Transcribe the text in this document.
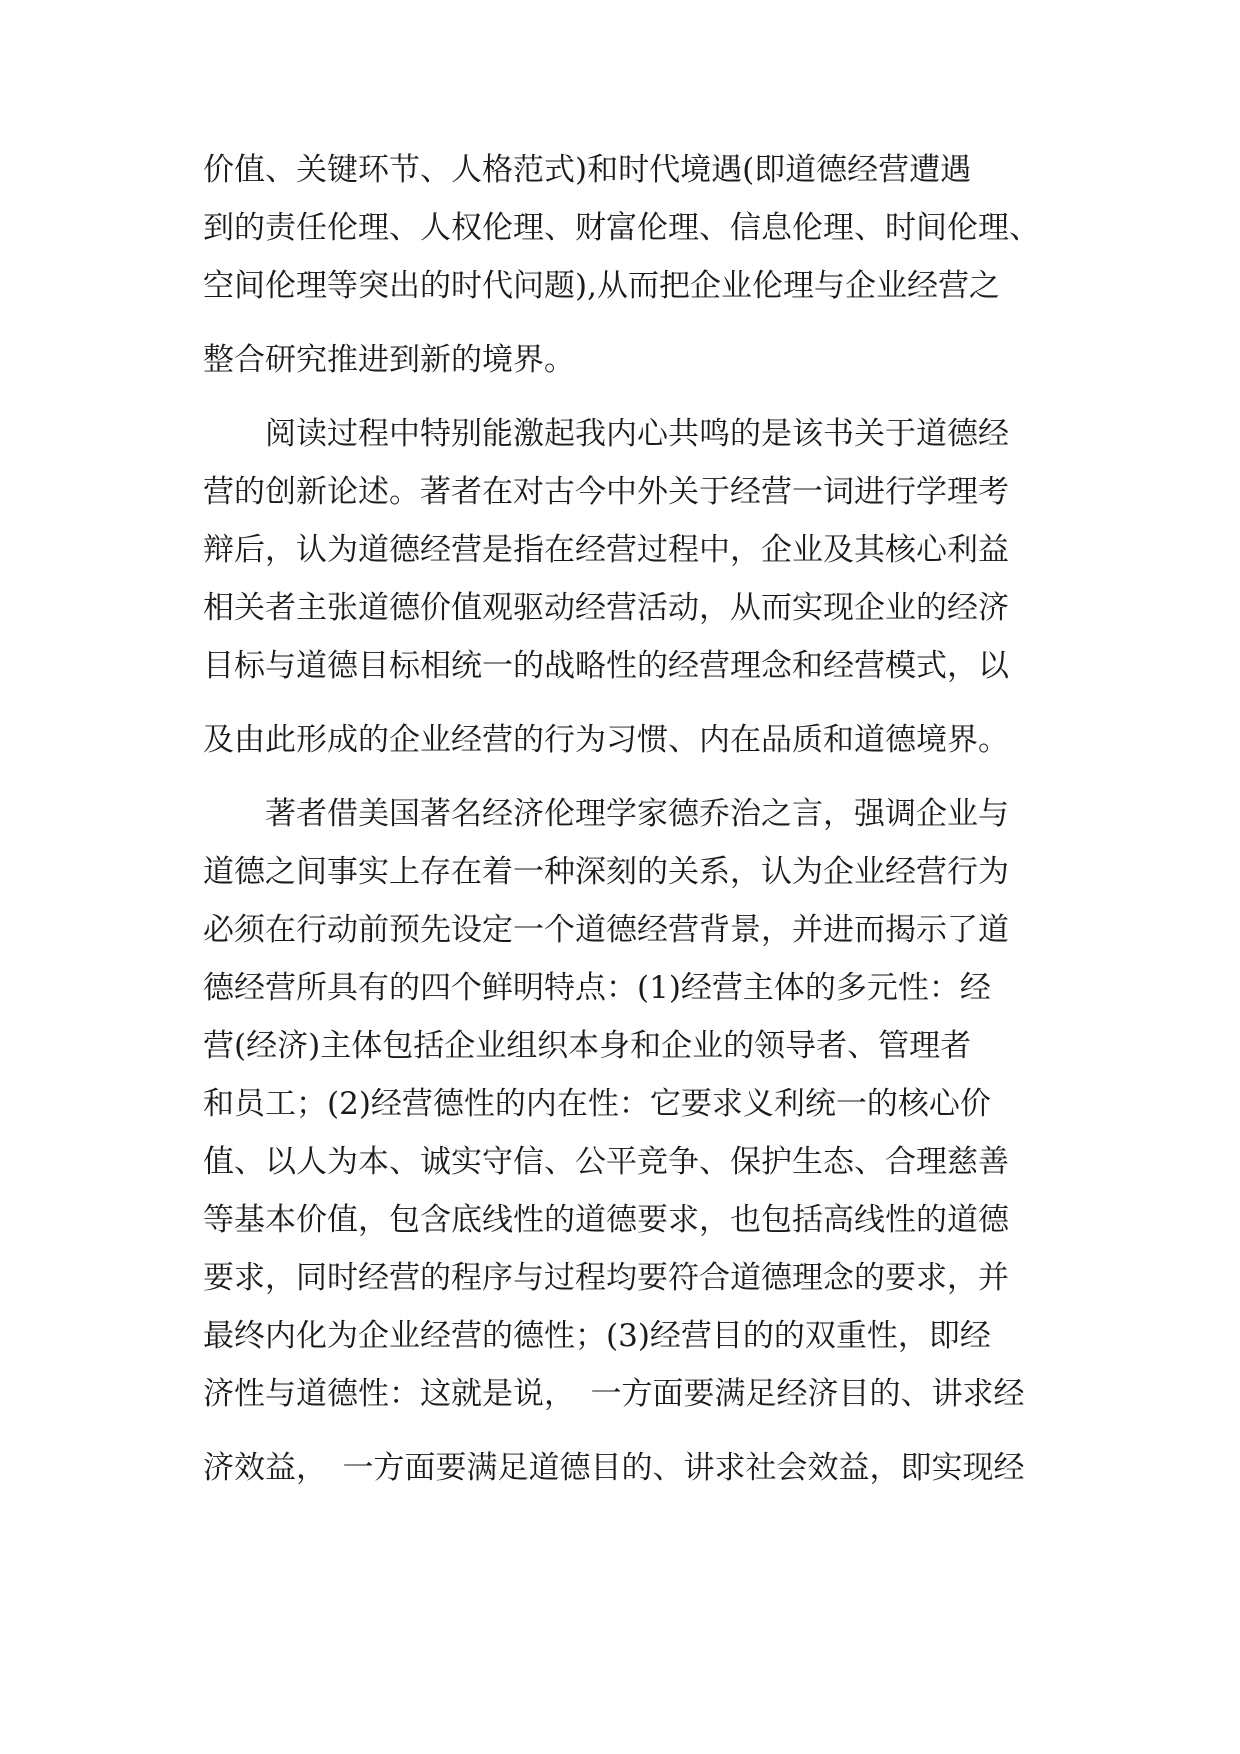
价值、关键环节、人格范式)和时代境遇(即道德经营遭遇
到的责任伦理、人权伦理、财富伦理、信息伦理、时间伦理、
空间伦理等突出的时代问题),从而把企业伦理与企业经营之
整合研究推进到新的境界。
　　阅读过程中特别能激起我内心共鸣的是该书关于道德经
营的创新论述。著者在对古今中外关于经营一词进行学理考
辩后，认为道德经营是指在经营过程中，企业及其核心利益
相关者主张道德价值观驱动经营活动，从而实现企业的经济
目标与道德目标相统一的战略性的经营理念和经营模式，以
及由此形成的企业经营的行为习惯、内在品质和道德境界。
　　著者借美国著名经济伦理学家德乔治之言，强调企业与
道德之间事实上存在着一种深刻的关系，认为企业经营行为
必须在行动前预先设定一个道德经营背景，并进而揭示了道
德经营所具有的四个鲜明特点：(1)经营主体的多元性：经
营(经济)主体包括企业组织本身和企业的领导者、管理者
和员工；(2)经营德性的内在性：它要求义利统一的核心价
值、以人为本、诚实守信、公平竞争、保护生态、合理慈善
等基本价值，包含底线性的道德要求，也包括高线性的道德
要求，同时经营的程序与过程均要符合道德理念的要求，并
最终内化为企业经营的德性；(3)经营目的的双重性，即经
济性与道德性：这就是说，　一方面要满足经济目的、讲求经
济效益，　一方面要满足道德目的、讲求社会效益，即实现经
